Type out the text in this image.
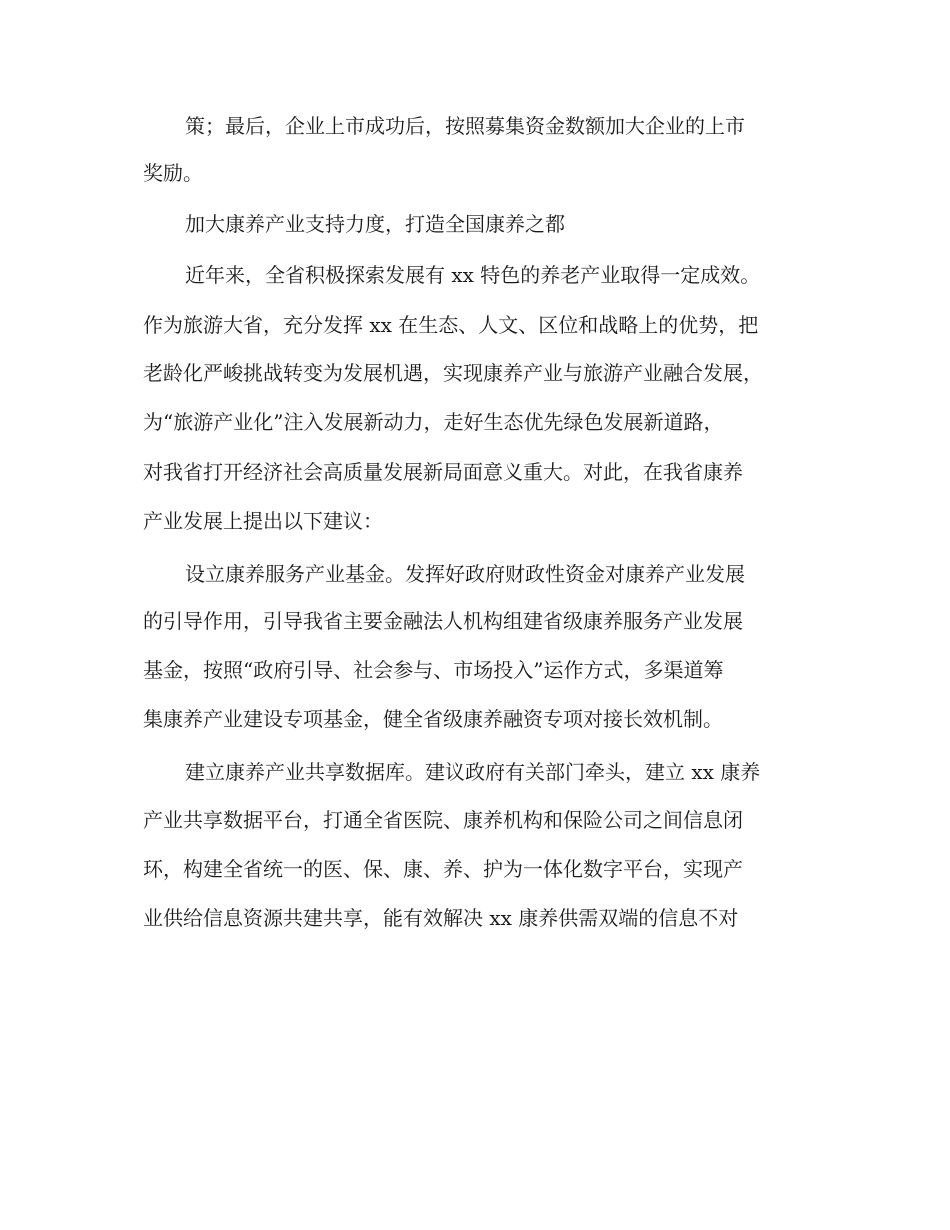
策；最后，企业上市成功后，按照募集资金数额加大企业的上市

奖励。

加大康养产业支持力度，打造全国康养之都

近年来，全省积极探索发展有 xx 特色的养老产业取得一定成效。

作为旅游大省，充分发挥 xx 在生态、人文、区位和战略上的优势，把

老龄化严峻挑战转变为发展机遇，实现康养产业与旅游产业融合发展，

为“旅游产业化”注入发展新动力，走好生态优先绿色发展新道路，

对我省打开经济社会高质量发展新局面意义重大。对此，在我省康养

产业发展上提出以下建议：

设立康养服务产业基金。发挥好政府财政性资金对康养产业发展

的引导作用，引导我省主要金融法人机构组建省级康养服务产业发展

基金，按照“政府引导、社会参与、市场投入”运作方式，多渠道筹

集康养产业建设专项基金，健全省级康养融资专项对接长效机制。

建立康养产业共享数据库。建议政府有关部门牵头，建立 xx 康养

产业共享数据平台，打通全省医院、康养机构和保险公司之间信息闭

环，构建全省统一的医、保、康、养、护为一体化数字平台，实现产

业供给信息资源共建共享，能有效解决 xx 康养供需双端的信息不对
